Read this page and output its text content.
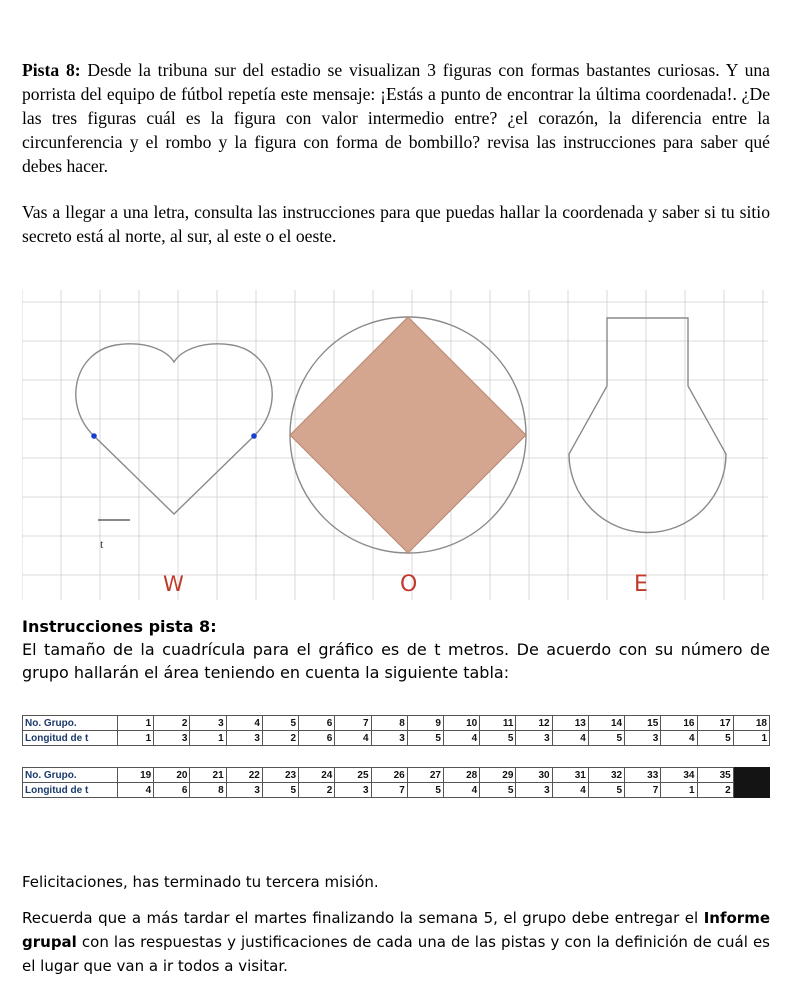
Pista 8: Desde la tribuna sur del estadio se visualizan 3 figuras con formas bastantes curiosas. Y una porrista del equipo de fútbol repetía este mensaje: ¡Estás a punto de encontrar la última coordenada!. ¿De las tres figuras cuál es la figura con valor intermedio entre? ¿el corazón, la diferencia entre la circunferencia y el rombo y la figura con forma de bombillo? revisa las instrucciones para saber qué debes hacer.
Vas a llegar a una letra, consulta las instrucciones para que puedas hallar la coordenada y saber si tu sitio secreto está al norte, al sur, al este o el oeste.
t
W	O	E
Instrucciones pista 8:
El tamaño de la cuadrícula para el gráfico es de t metros. De acuerdo con su número de grupo hallarán el área teniendo en cuenta la siguiente tabla:
No. Grupo.	1	2	3	4	5	6	7	8	9	10	11	12	13	14	15	16	17	18
Longitud de t	1	3	1	3	2	6	4	3	5	4	5	3	4	5	3	4	5	1
No. Grupo.	19	20	21	22	23	24	25	26	27	28	29	30	31	32	33	34	35	
Longitud de t	4	6	8	3	5	2	3	7	5	4	5	3	4	5	7	1	2	
Felicitaciones, has terminado tu tercera misión.
Recuerda que a más tardar el martes finalizando la semana 5, el grupo debe entregar el Informe grupal con las respuestas y justificaciones de cada una de las pistas y con la definición de cuál es el lugar que van a ir todos a visitar.
